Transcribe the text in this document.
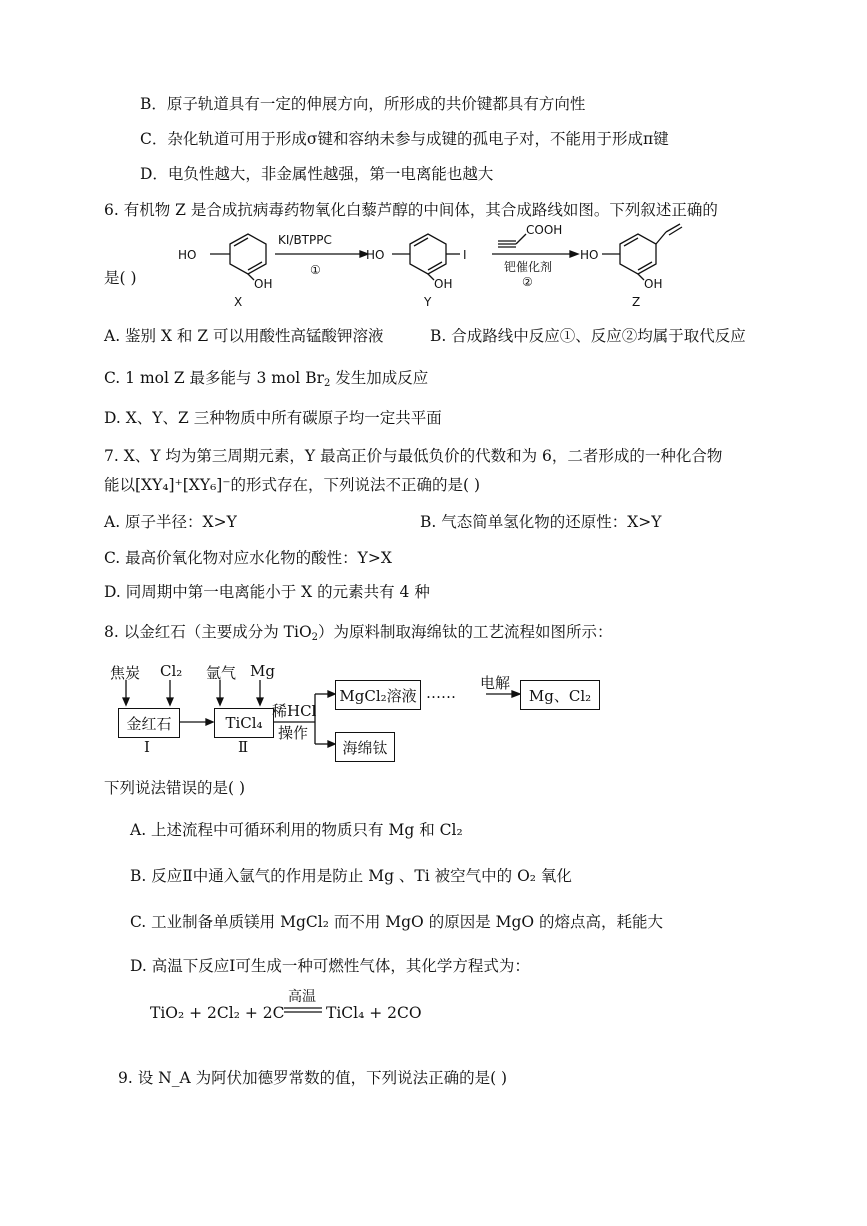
B．原子轨道具有一定的伸展方向，所形成的共价键都具有方向性
C．杂化轨道可用于形成σ键和容纳未参与成键的孤电子对，不能用于形成π键
D．电负性越大，非金属性越强，第一电离能也越大
6. 有机物 Z 是合成抗病毒药物氧化白藜芦醇的中间体，其合成路线如图。下列叙述正确的
是( )
HO
OH
X
KI/BTPPC
①
HO
OH
I
Y
COOH
钯催化剂
②
HO
OH
Z
A. 鉴别 X 和 Z 可以用酸性高锰酸钾溶液	B. 合成路线中反应①、反应②均属于取代反应
C. 1 mol Z 最多能与 3 mol $Br_2$ 发生加成反应
D. X、Y、Z 三种物质中所有碳原子均一定共平面
7. X、Y 均为第三周期元素，Y 最高正价与最低负价的代数和为 6，二者形成的一种化合物
能以[XY₄]⁺[XY₆]⁻的形式存在，下列说法不正确的是( )
A. 原子半径：X>Y	B. 气态简单氢化物的还原性：X>Y
C. 最高价氧化物对应水化物的酸性：Y>X
D. 同周期中第一电离能小于 X 的元素共有 4 种
8. 以金红石（主要成分为 TiO$_2$）为原料制取海绵钛的工艺流程如图所示：
焦炭 Cl₂ 氩气 Mg
金红石
Ⅰ
TiCl₄
Ⅱ
稀HCl
操作
MgCl₂溶液 ……
电解
Mg、Cl₂
海绵钛
下列说法错误的是( )
A. 上述流程中可循环利用的物质只有 Mg 和 Cl₂
B. 反应Ⅱ中通入氩气的作用是防止 Mg 、Ti 被空气中的 O₂ 氧化
C. 工业制备单质镁用 MgCl₂ 而不用 MgO 的原因是 MgO 的熔点高，耗能大
D. 高温下反应Ⅰ可生成一种可燃性气体，其化学方程式为：
TiO₂ + 2Cl₂ + 2C
高温
TiCl₄ + 2CO
9. 设 N_A 为阿伏加德罗常数的值，下列说法正确的是( )
